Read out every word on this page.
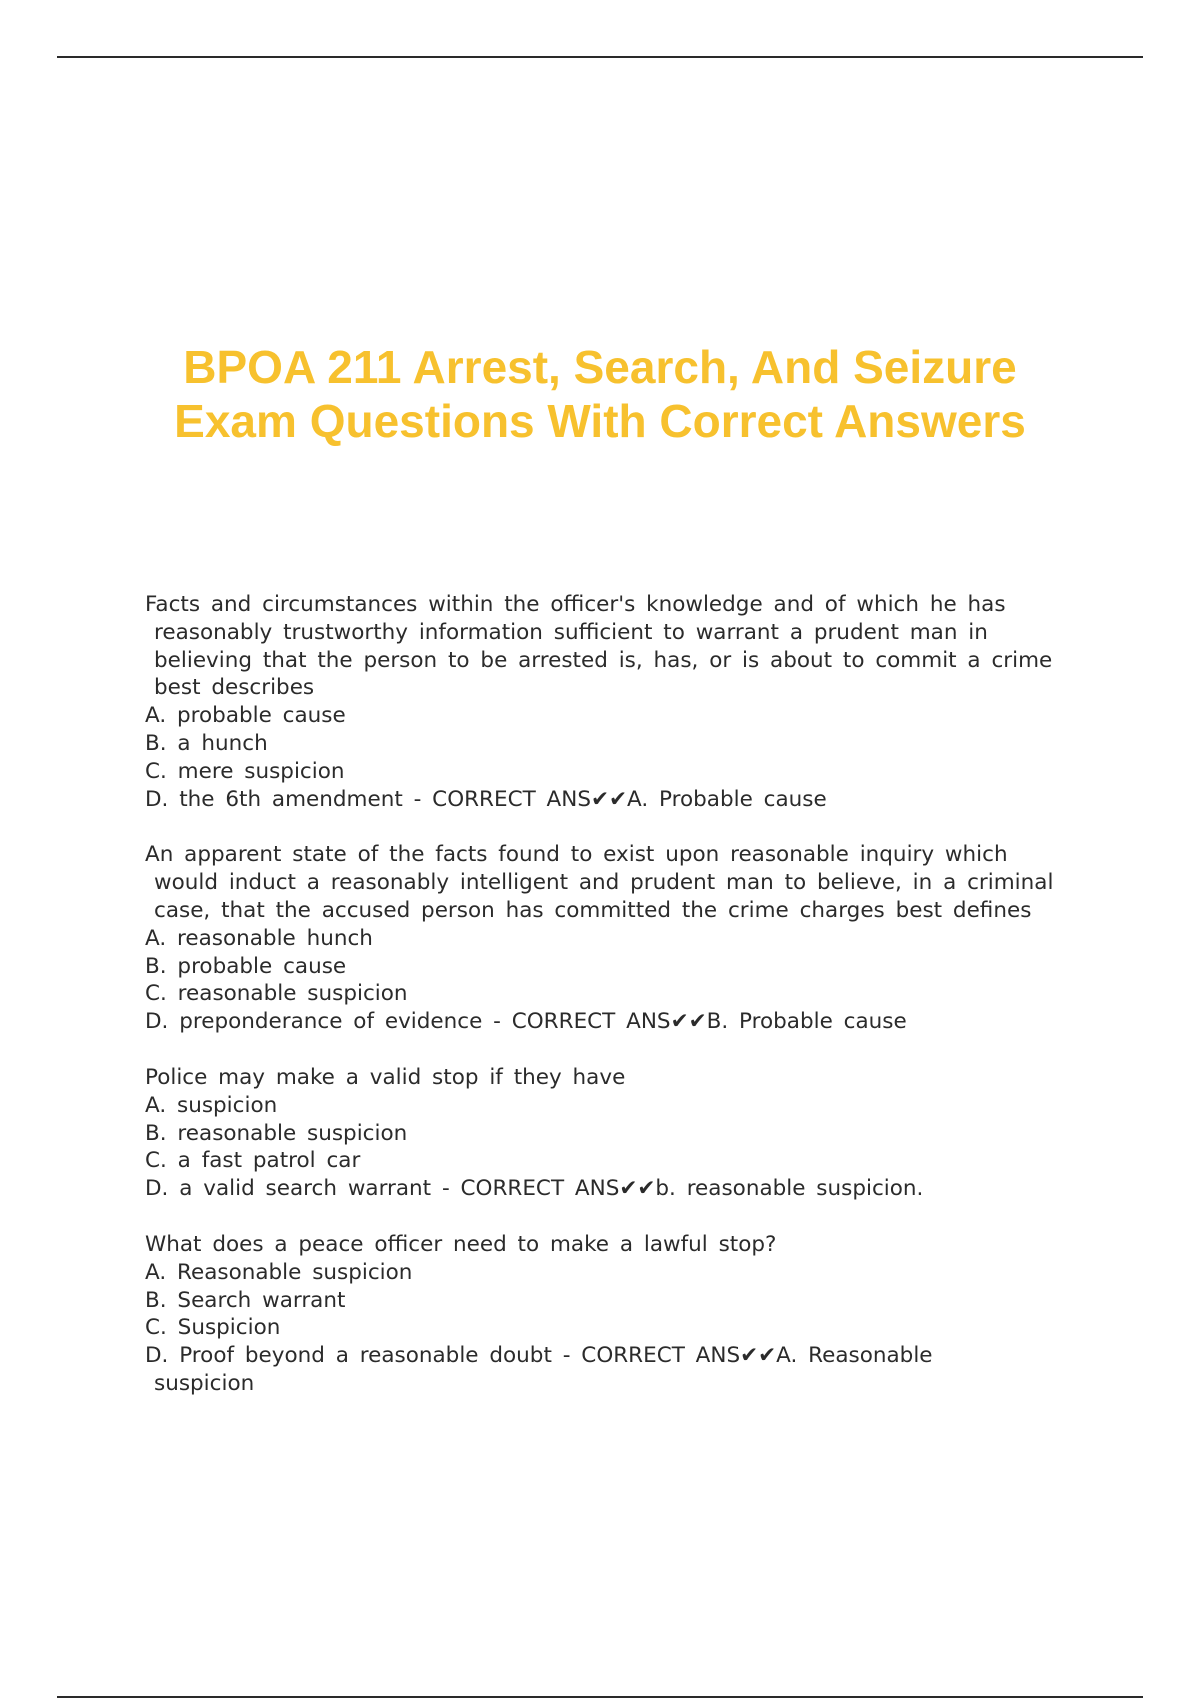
BPOA 211 Arrest, Search, And Seizure
Exam Questions With Correct Answers
Facts and circumstances within the officer's knowledge and of which he has
reasonably trustworthy information sufficient to warrant a prudent man in
believing that the person to be arrested is, has, or is about to commit a crime
best describes
A. probable cause
B. a hunch
C. mere suspicion
D. the 6th amendment - CORRECT ANS✔✔A. Probable cause
An apparent state of the facts found to exist upon reasonable inquiry which
would induct a reasonably intelligent and prudent man to believe, in a criminal
case, that the accused person has committed the crime charges best defines
A. reasonable hunch
B. probable cause
C. reasonable suspicion
D. preponderance of evidence - CORRECT ANS✔✔B. Probable cause
Police may make a valid stop if they have
A. suspicion
B. reasonable suspicion
C. a fast patrol car
D. a valid search warrant - CORRECT ANS✔✔b. reasonable suspicion.
What does a peace officer need to make a lawful stop?
A. Reasonable suspicion
B. Search warrant
C. Suspicion
D. Proof beyond a reasonable doubt - CORRECT ANS✔✔A. Reasonable
suspicion
